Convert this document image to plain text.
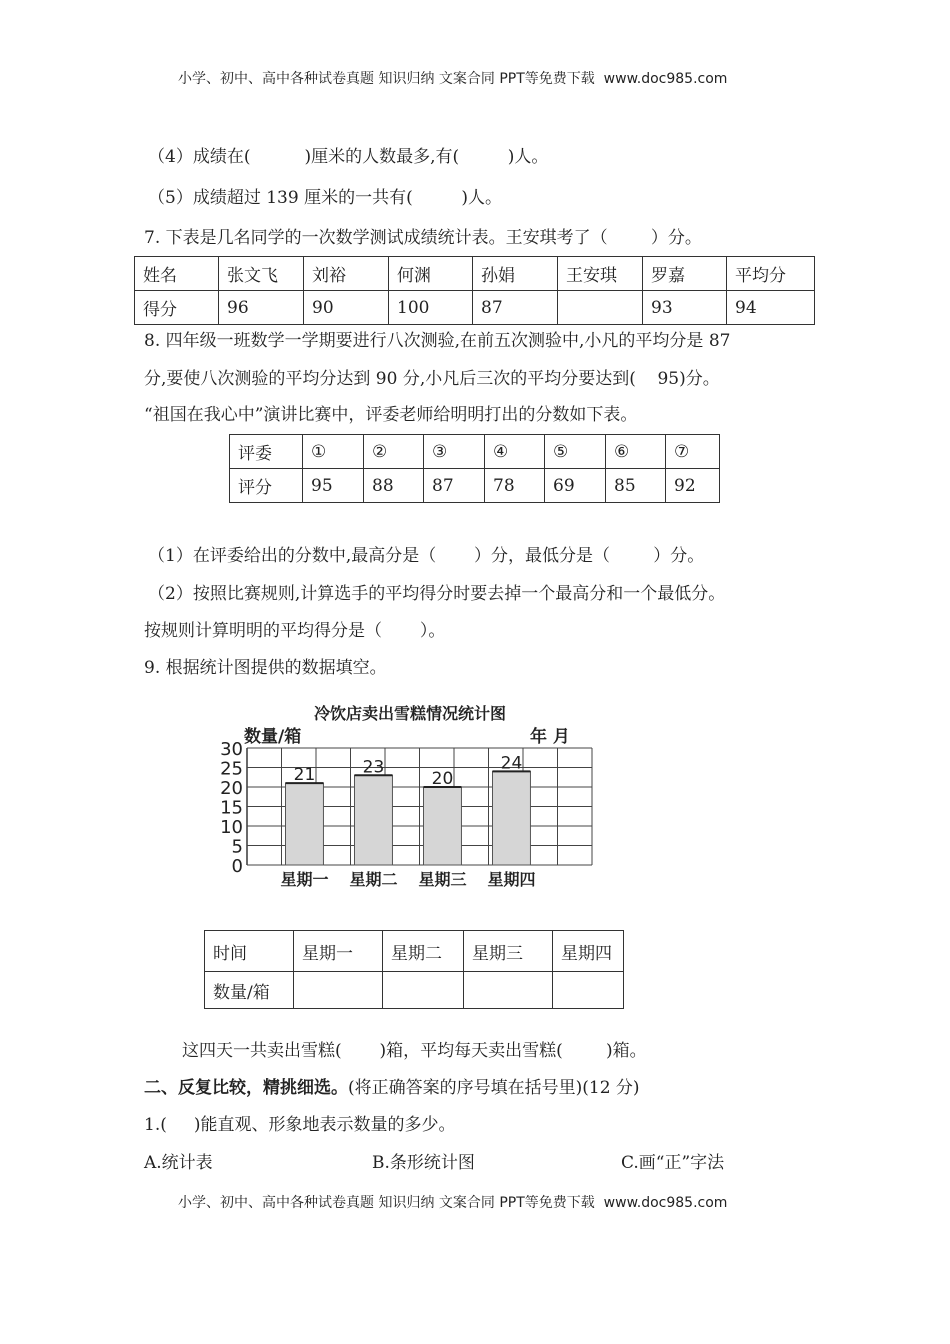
小学、初中、高中各种试卷真题 知识归纳 文案合同 PPT等免费下载  www.doc985.com
（4）成绩在(          )厘米的人数最多,有(         )人。
（5）成绩超过 139 厘米的一共有(         )人。
7. 下表是几名同学的一次数学测试成绩统计表。王安琪考了（        ）分。
姓名	张文飞	刘裕	何渊	孙娟	王安琪	罗嘉	平均分
得分	96	90	100	87		93	94
8. 四年级一班数学一学期要进行八次测验,在前五次测验中,小凡的平均分是 87
分,要使八次测验的平均分达到 90 分,小凡后三次的平均分要达到(    95)分。
“祖国在我心中”演讲比赛中，评委老师给明明打出的分数如下表。
评委	①	②	③	④	⑤	⑥	⑦
评分	95	88	87	78	69	85	92
（1）在评委给出的分数中,最高分是（       ）分，最低分是（        ）分。
（2）按照比赛规则,计算选手的平均得分时要去掉一个最高分和一个最低分。
按规则计算明明的平均得分是（       ）。
9. 根据统计图提供的数据填空。
冷饮店卖出雪糕情况统计图
数量/箱	年 月
21	23
20
24
0
5
10
15
20
25
30
星期一 星期二 星期三 星期四
时间	星期一	星期二	星期三	星期四
数量/箱				
这四天一共卖出雪糕(       )箱，平均每天卖出雪糕(        )箱。
二、反复比较，精挑细选。(将正确答案的序号填在括号里)(12 分)
1.(     )能直观、形象地表示数量的多少。
A.统计表	B.条形统计图	C.画“正”字法
小学、初中、高中各种试卷真题 知识归纳 文案合同 PPT等免费下载  www.doc985.com
